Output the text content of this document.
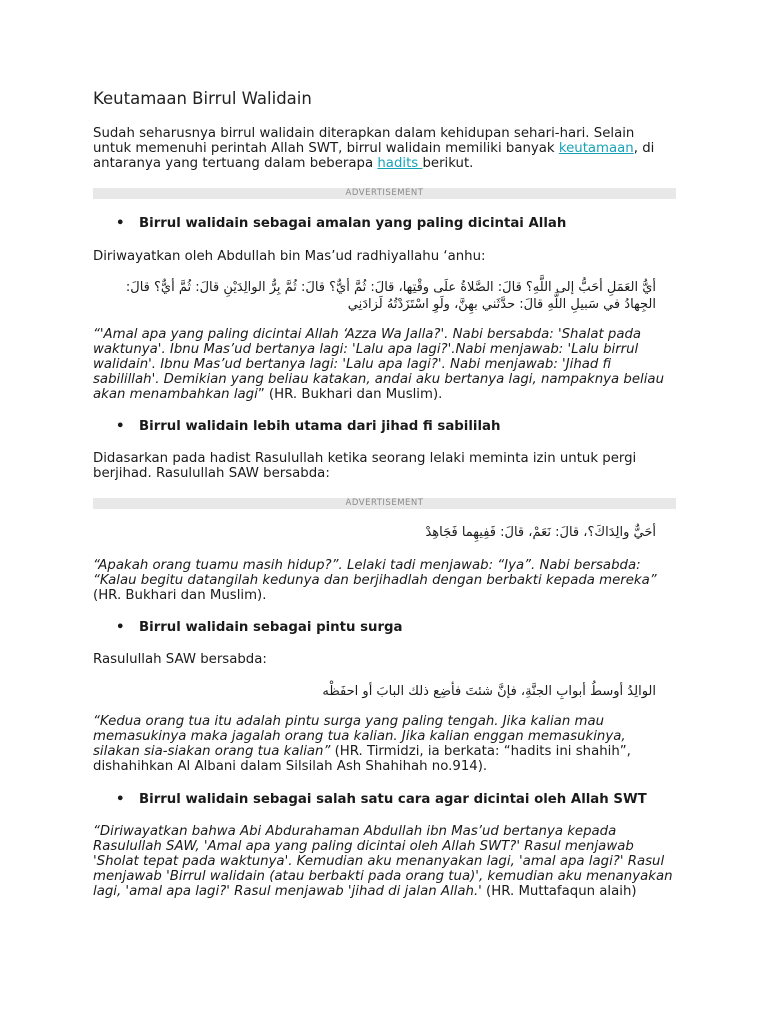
Keutamaan Birrul Walidain

Sudah seharusnya birrul walidain diterapkan dalam kehidupan sehari-hari. Selain untuk memenuhi perintah Allah SWT, birrul walidain memiliki banyak keutamaan, di antaranya yang tertuang dalam beberapa hadits berikut.

ADVERTISEMENT
• Birrul walidain sebagai amalan yang paling dicintai Allah

Diriwayatkan oleh Abdullah bin Mas’ud radhiyallahu ‘anhu:

أيُّ العَمَلِ أحَبُّ إلى اللَّهِ؟ قالَ: الصَّلاةُ علَى وقْتِها، قالَ: ثُمَّ أيٌّ؟ قالَ: ثُمَّ بِرُّ الوالِدَيْنِ قالَ: ثُمَّ أيٌّ؟ قالَ: الجِهادُ في سَبيلِ اللَّهِ قالَ: حدَّثَني بهِنَّ، ولَوِ اسْتَزَدْتُهُ لَزادَنِي

“'Amal apa yang paling dicintai Allah ‘Azza Wa Jalla?'. Nabi bersabda: 'Shalat pada waktunya'. Ibnu Mas’ud bertanya lagi: 'Lalu apa lagi?'.Nabi menjawab: 'Lalu birrul walidain'. Ibnu Mas’ud bertanya lagi: 'Lalu apa lagi?'. Nabi menjawab: 'Jihad fi sabilillah'. Demikian yang beliau katakan, andai aku bertanya lagi, nampaknya beliau akan menambahkan lagi” (HR. Bukhari dan Muslim).

• Birrul walidain lebih utama dari jihad fi sabililah

Didasarkan pada hadist Rasulullah ketika seorang lelaki meminta izin untuk pergi berjihad. Rasulullah SAW bersabda:

ADVERTISEMENT

أحَيٌّ والِدَاكَ؟، قالَ: نَعَمْ، قالَ: فَفِيهِما فَجَاهِدْ

“Apakah orang tuamu masih hidup?”. Lelaki tadi menjawab: “Iya”. Nabi bersabda: “Kalau begitu datangilah kedunya dan berjihadlah dengan berbakti kepada mereka” (HR. Bukhari dan Muslim).

• Birrul walidain sebagai pintu surga

Rasulullah SAW bersabda:

الوالِدُ أوسطُ أبوابِ الجنَّةِ، فإنَّ شئتَ فأضِع ذلك البابَ أو احفَظْه

“Kedua orang tua itu adalah pintu surga yang paling tengah. Jika kalian mau memasukinya maka jagalah orang tua kalian. Jika kalian enggan memasukinya, silakan sia-siakan orang tua kalian” (HR. Tirmidzi, ia berkata: “hadits ini shahih”, dishahihkan Al Albani dalam Silsilah Ash Shahihah no.914).

• Birrul walidain sebagai salah satu cara agar dicintai oleh Allah SWT

“Diriwayatkan bahwa Abi Abdurahaman Abdullah ibn Mas’ud bertanya kepada Rasulullah SAW, 'Amal apa yang paling dicintai oleh Allah SWT?' Rasul menjawab 'Sholat tepat pada waktunya'. Kemudian aku menanyakan lagi, 'amal apa lagi?' Rasul menjawab 'Birrul walidain (atau berbakti pada orang tua)', kemudian aku menanyakan lagi, 'amal apa lagi?' Rasul menjawab 'jihad di jalan Allah.' (HR. Muttafaqun alaih)
